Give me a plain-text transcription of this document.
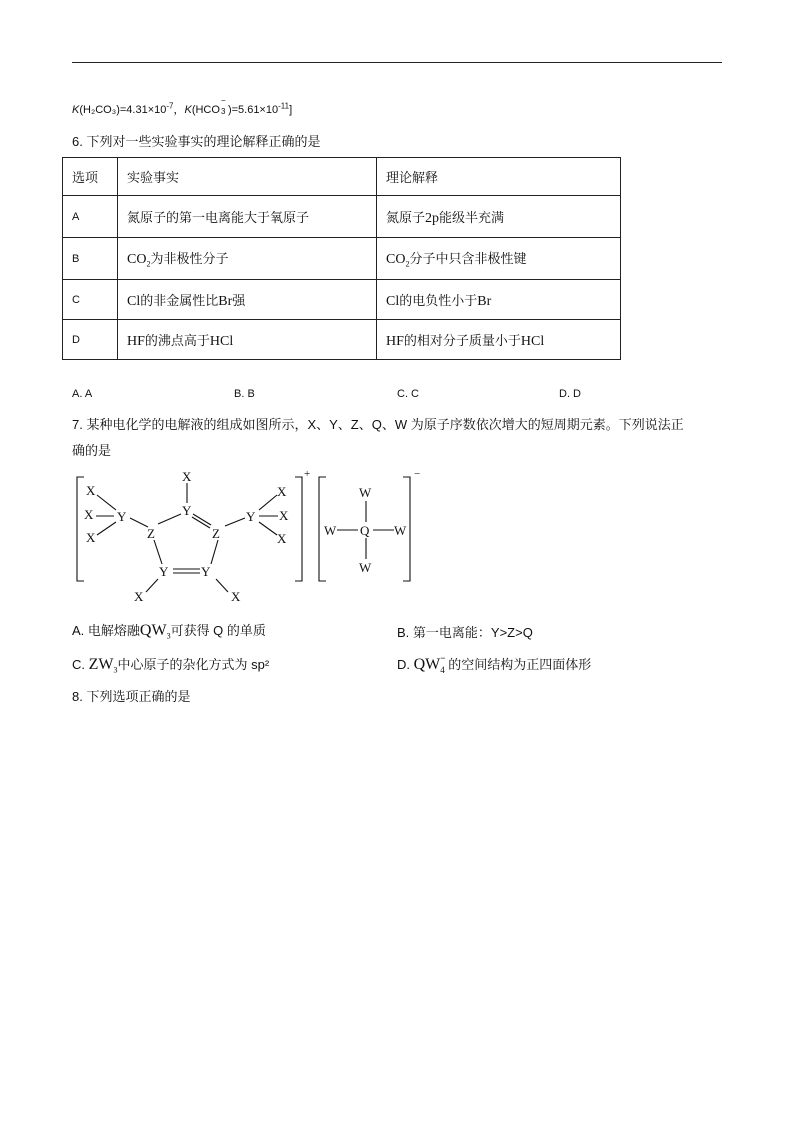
$K(H_2CO_3)=4.31\times 10^{-7}$，K(HCO
−
3 )$=5.61\times 10^{-11}$]
6. 下列对一些实验事实的理论解释正确的是
选项	实验事实	理论解释
A	氮原子的第一电离能大于氧原子	氮原子2p能级半充满
B	$CO_2$为非极性分子	$CO_2$分子中只含非极性键
C	Cl的非金属性比Br强	Cl的电负性小于Br
D	HF的沸点高于HCl	HF的相对分子质量小于HCl
A. A	B. B	C. C	D. D
7. 某种电化学的电解液的组成如图所示，X、Y、Z、Q、W 为原子序数依次增大的短周期元素。下列说法正
确的是
X
X
X
Y
Z
X
Y
Z
Y	Y
X	X
Y
X
X
X
+
W
W Q W
W
−
A. 电解熔融$QW_3$可获得 Q 的单质	B. 第一电离能：Y>Z>Q
C. $ZW_3$中心原子的杂化方式为 sp²	D. QW −
4 的空间结构为正四面体形
8. 下列选项正确的是
